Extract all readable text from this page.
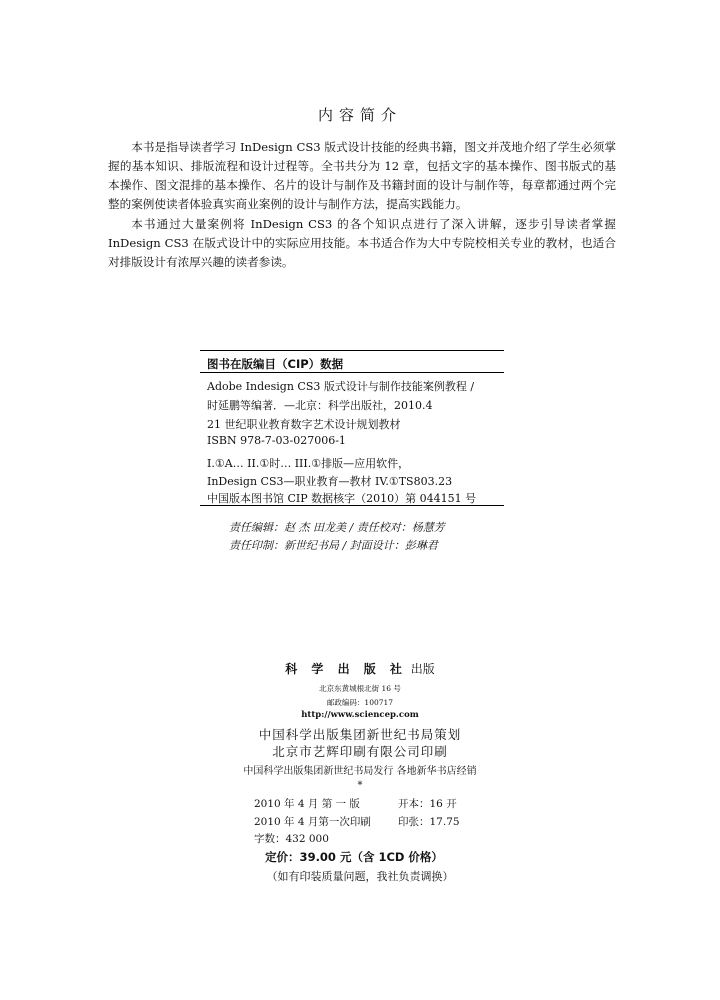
内容简介
本书是指导读者学习 InDesign CS3 版式设计技能的经典书籍，图文并茂地介绍了学生必须掌握的基本知识、排版流程和设计过程等。全书共分为 12 章，包括文字的基本操作、图书版式的基本操作、图文混排的基本操作、名片的设计与制作及书籍封面的设计与制作等，每章都通过两个完整的案例使读者体验真实商业案例的设计与制作方法，提高实践能力。
本书通过大量案例将 InDesign CS3 的各个知识点进行了深入讲解，逐步引导读者掌握 InDesign CS3 在版式设计中的实际应用技能。本书适合作为大中专院校相关专业的教材，也适合对排版设计有浓厚兴趣的读者参读。
图书在版编目（CIP）数据
Adobe Indesign CS3 版式设计与制作技能案例教程 /
时延鹏等编著．—北京：科学出版社，2010.4
21 世纪职业教育数字艺术设计规划教材
ISBN 978-7-03-027006-1
I.①A… II.①时… III.①排版—应用软件，
InDesign CS3—职业教育—教材 IV.①TS803.23
中国版本图书馆 CIP 数据核字（2010）第 044151 号
责任编辑：赵 杰 田龙美 / 责任校对：杨慧芳
责任印制：新世纪书局 / 封面设计：彭琳君
科 学 出 版 社 出版
北京东黄城根北街 16 号
邮政编码：100717
http://www.sciencep.com
中国科学出版集团新世纪书局策划
北京市艺辉印刷有限公司印刷
中国科学出版集团新世纪书局发行 各地新华书店经销
*
2010 年 4 月 第 一 版	开本：16 开
2010 年 4 月第一次印刷	印张：17.75
字数：432 000
定价：39.00 元（含 1CD 价格）
（如有印装质量问题，我社负责调换）
